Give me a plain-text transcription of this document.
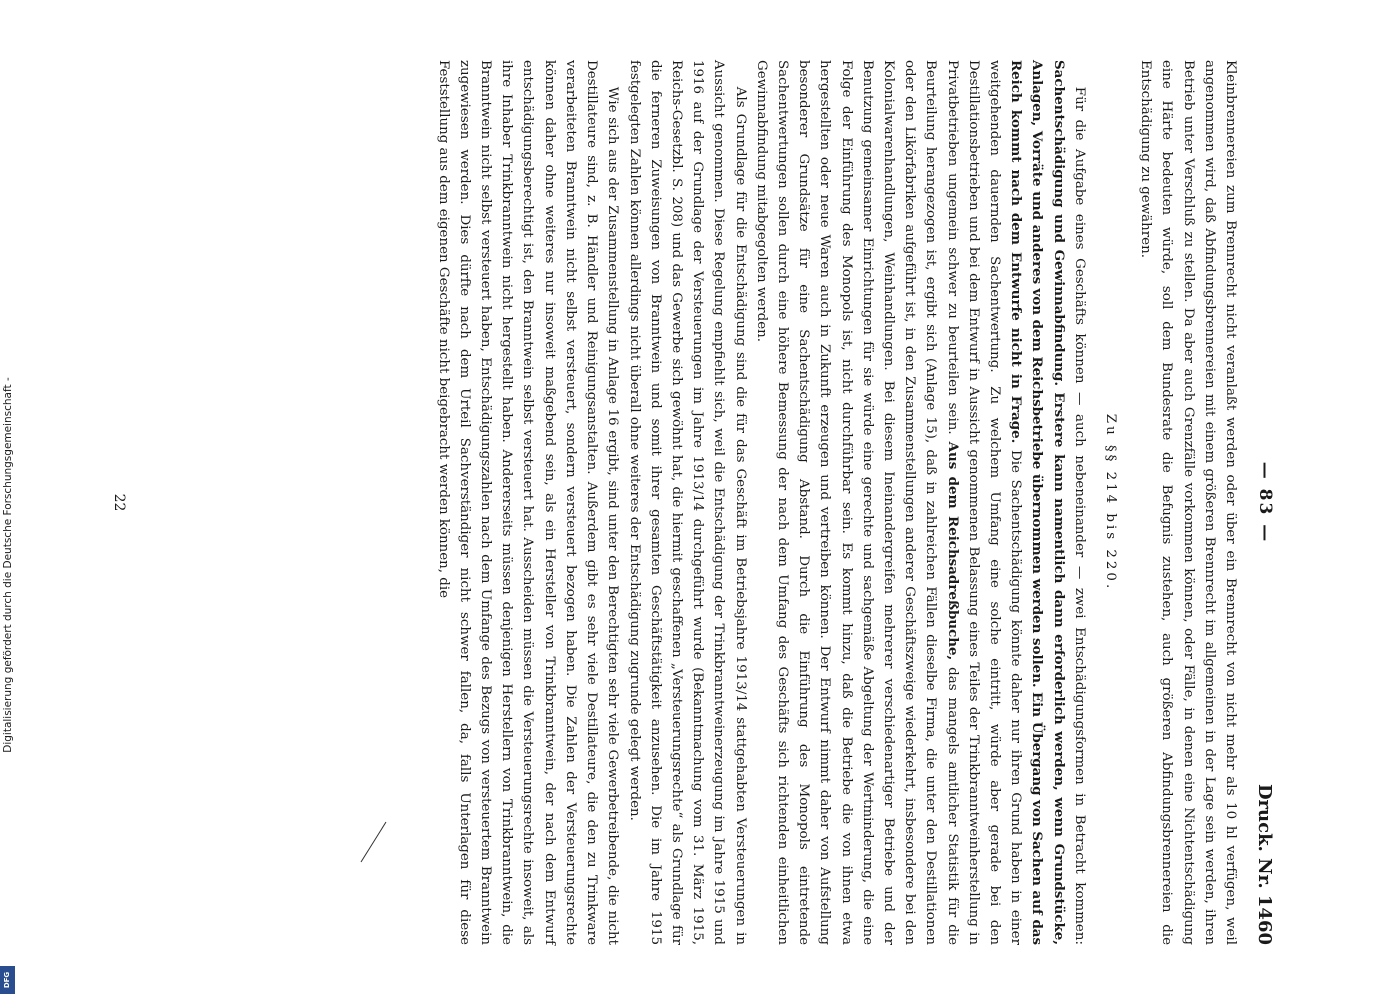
— 83 —
Druck. Nr. 1460

Kleinbrennereien zum Brennrecht nicht veranlaßt werden oder über ein Brennrecht von nicht mehr als 10 hl verfügen, weil angenommen wird, daß Abfindungsbrennereien mit einem größeren Brennrecht im allgemeinen in der Lage sein werden, ihren Betrieb unter Verschluß zu stellen. Da aber auch Grenzfälle vorkommen können, oder Fälle, in denen eine Nichtentschädigung eine Härte bedeuten würde, soll dem Bundesrate die Befugnis zustehen, auch größeren Abfindungsbrennereien die Entschädigung zu gewähren.

Zu §§ 214 bis 220.

Für die Aufgabe eines Geschäfts können — auch nebeneinander — zwei Entschädigungsformen in Betracht kommen: Sachentschädigung und Gewinnabfindung. Erstere kann namentlich dann erforderlich werden, wenn Grundstücke, Anlagen, Vorräte und anderes von dem Reichsbetriebe übernommen werden sollen. Ein Übergang von Sachen auf das Reich kommt nach dem Entwurfe nicht in Frage. Die Sachentschädigung könnte daher nur ihren Grund haben in einer weitgehenden dauernden Sachentwertung. Zu welchem Umfang eine solche eintritt, würde aber gerade bei den Destillationsbetrieben und bei dem Entwurf in Aussicht genommenen Belassung eines Teiles der Trinkbranntweinherstellung in Privatbetrieben ungemein schwer zu beurteilen sein. Aus dem Reichsadreßbuche, das mangels amtlicher Statistik für die Beurteilung herangezogen ist, ergibt sich (Anlage 15), daß in zahlreichen Fällen dieselbe Firma, die unter den Destillationen oder den Likörfabriken aufgeführt ist, in den Zusammenstellungen anderer Geschäftszweige wiederkehrt, insbesondere bei den Kolonialwarenhandlungen, Weinhandlungen. Bei diesem Ineinandergreifen mehrerer verschiedenartiger Betriebe und der Benutzung gemeinsamer Einrichtungen für sie würde eine gerechte und sachgemäße Abgeltung der Wertminderung, die eine Folge der Einführung des Monopols ist, nicht durchführbar sein. Es kommt hinzu, daß die Betriebe die von ihnen etwa hergestellten oder neue Waren auch in Zukunft erzeugen und vertreiben können. Der Entwurf nimmt daher von Aufstellung besonderer Grundsätze für eine Sachentschädigung Abstand. Durch die Einführung des Monopols eintretende Sachentwertungen sollen durch eine höhere Bemessung der nach dem Umfang des Geschäfts sich richtenden einheitlichen Gewinnabfindung mitabgegolten werden.

Als Grundlage für die Entschädigung sind die für das Geschäft im Betriebsjahre 1913/14 stattgehabten Versteuerungen in Aussicht genommen. Diese Regelung empfiehlt sich, weil die Entschädigung der Trinkbranntweinerzeugung im Jahre 1915 und 1916 auf der Grundlage der Versteuerungen im Jahre 1913/14 durchgeführt wurde (Bekanntmachung vom 31. März 1915, Reichs-Gesetzbl. S. 208) und das Gewerbe sich gewöhnt hat, die hiermit geschaffenen „Versteuerungsrechte“ als Grundlage für die ferneren Zuweisungen von Branntwein und somit ihrer gesamten Geschäftstätigkeit anzusehen. Die im Jahre 1915 festgelegten Zahlen können allerdings nicht überall ohne weiteres der Entschädigung zugrunde gelegt werden.

Wie sich aus der Zusammenstellung in Anlage 16 ergibt, sind unter den Berechtigten sehr viele Gewerbetreibende, die nicht Destillateure sind, z. B. Händler und Reinigungsanstalten. Außerdem gibt es sehr viele Destillateure, die den zu Trinkware verarbeiteten Branntwein nicht selbst versteuert, sondern versteuert bezogen haben. Die Zahlen der Versteuerungsrechte können daher ohne weiteres nur insoweit maßgebend sein, als ein Hersteller von Trinkbranntwein, der nach dem Entwurf entschädigungsberechtigt ist, den Branntwein selbst versteuert hat. Ausscheiden müssen die Versteuerungsrechte insoweit, als ihre Inhaber Trinkbranntwein nicht hergestellt haben. Andererseits müssen denjenigen Herstellern von Trinkbranntwein, die Branntwein nicht selbst versteuert haben, Entschädigungszahlen nach dem Umfange des Bezugs von versteuertem Branntwein zugewiesen werden. Dies dürfte nach dem Urteil Sachverständiger nicht schwer fallen, da, falls Unterlagen für diese Feststellung aus dem eigenen Geschäfte nicht beigebracht werden können, die

22
Digitalisierung gefördert durch die Deutsche Forschungsgemeinschaft -
DFG
